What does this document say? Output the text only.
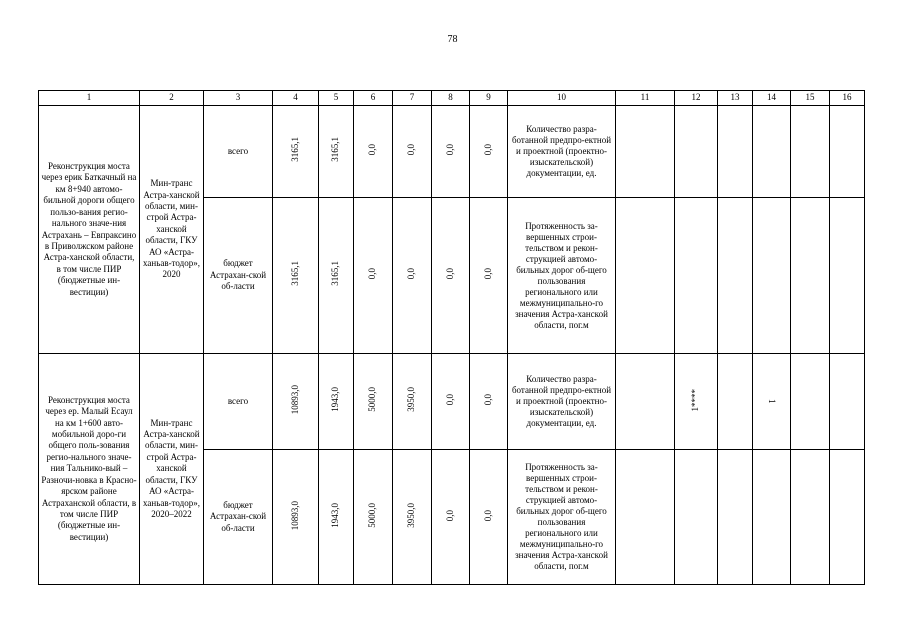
78
1	2	3	4	5	6	7	8	9	10	11	12	13	14	15	16
Реконструкция моста через ерик Баткачный на км 8+940 автомо-бильной дороги общего пользо-вания регио-нального значе-ния Астрахань – Евпраксино в Приволжском районе Астра-ханской области, в том числе ПИР (бюджетные ин-вестиции)	Мин-транс Астра-ханской области, мин-строй Астра-ханской области, ГКУ АО «Астра-ханьав-тодор», 2020	всего	3165,1	3165,1	0,0	0,0	0,0	0,0	Количество разра-ботанной предпро-ектной и проектной (проектно-изыскательской) документации, ед.						
		бюджет Астрахан-ской об-ласти	3165,1	3165,1	0,0	0,0	0,0	0,0	Протяженность за-вершенных строи-тельством и рекон-струкцией автомо-бильных дорог об-щего пользования регионального или межмуниципально-го значения Астра-ханской области, пог.м						
Реконструкция моста через ер. Малый Есаул на км 1+600 авто-мобильной доро-ги общего поль-зования регио-нального значе-ния Тальнико-вый – Разночи-новка в Красно-ярском районе Астраханской области, в том числе ПИР (бюджетные ин-вестиции)	Мин-транс Астра-ханской области, мин-строй Астра-ханской области, ГКУ АО «Астра-ханьав-тодор», 2020–2022	всего	10893,0	1943,0	5000,0	3950,0	0,0	0,0	Количество разра-ботанной предпро-ектной и проектной (проектно-изыскательской) документации, ед.		1****		1		
		бюджет Астрахан-ской об-ласти	10893,0	1943,0	5000,0	3950,0	0,0	0,0	Протяженность за-вершенных строи-тельством и рекон-струкцией автомо-бильных дорог об-щего пользования регионального или межмуниципально-го значения Астра-ханской области, пог.м						
